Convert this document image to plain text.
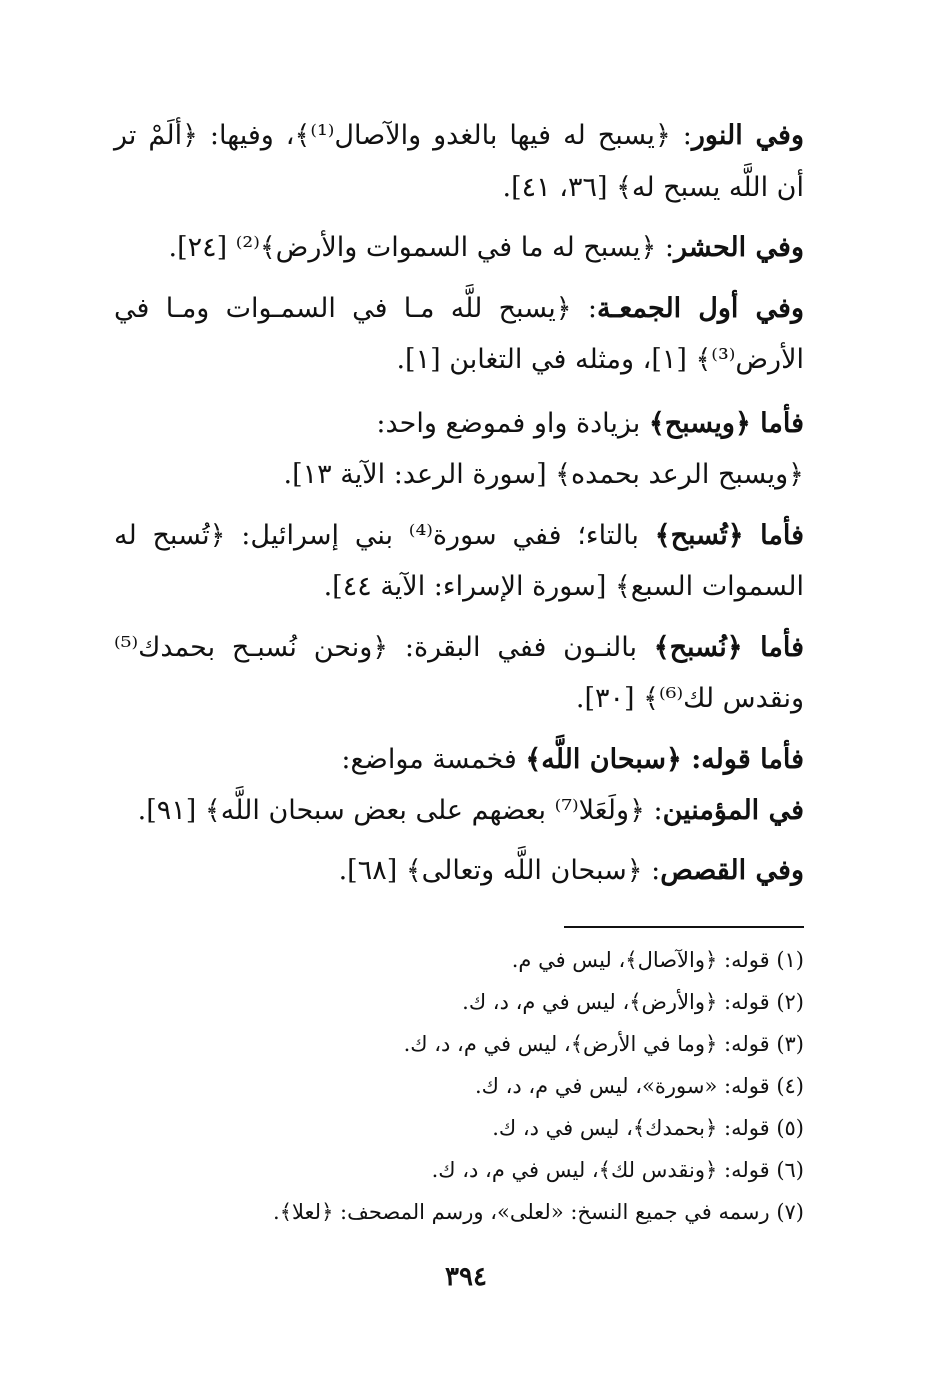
وفي النور: ﴿يسبح له فيها بالغدو والآصال⁽¹⁾﴾، وفيها: ﴿ألَمْ تر
أن اللَّه يسبح له﴾ [٣٦، ٤١].
وفي الحشر: ﴿يسبح له ما في السموات والأرض﴾⁽²⁾ [٢٤].
وفي أول الجمعـة: ﴿يسبح للَّه مـا في السمـوات ومـا في
الأرض⁽³⁾﴾ [١]، ومثله في التغابن [١].
فأما ﴿ويسبح﴾ بزيادة واو فموضع واحد:
﴿ويسبح الرعد بحمده﴾ [سورة الرعد: الآية ١٣].
فأما ﴿تُسبح﴾ بالتاء؛ ففي سورة⁽⁴⁾ بني إسرائيل: ﴿تُسبح له
السموات السبع﴾ [سورة الإسراء: الآية ٤٤].
فأما ﴿نُسبح﴾ بالنـون ففي البقرة: ﴿ونحن نُسبـح بحمدك⁽⁵⁾
ونقدس لك⁽⁶⁾﴾ [٣٠].
فأما قوله: ﴿سبحان اللَّه﴾ فخمسة مواضع:
في المؤمنين: ﴿ولَعَلا⁽⁷⁾ بعضهم على بعض سبحان اللَّه﴾ [٩١].
وفي القصص: ﴿سبحان اللَّه وتعالى﴾ [٦٨].
(١) قوله: ﴿والآصال﴾، ليس في م.
(٢) قوله: ﴿والأرض﴾، ليس في م، د، ك.
(٣) قوله: ﴿وما في الأرض﴾، ليس في م، د، ك.
(٤) قوله: «سورة»، ليس في م، د، ك.
(٥) قوله: ﴿بحمدك﴾، ليس في د، ك.
(٦) قوله: ﴿ونقدس لك﴾، ليس في م، د، ك.
(٧) رسمه في جميع النسخ: «لعلى»، ورسم المصحف: ﴿لعلا﴾.
٣٩٤
